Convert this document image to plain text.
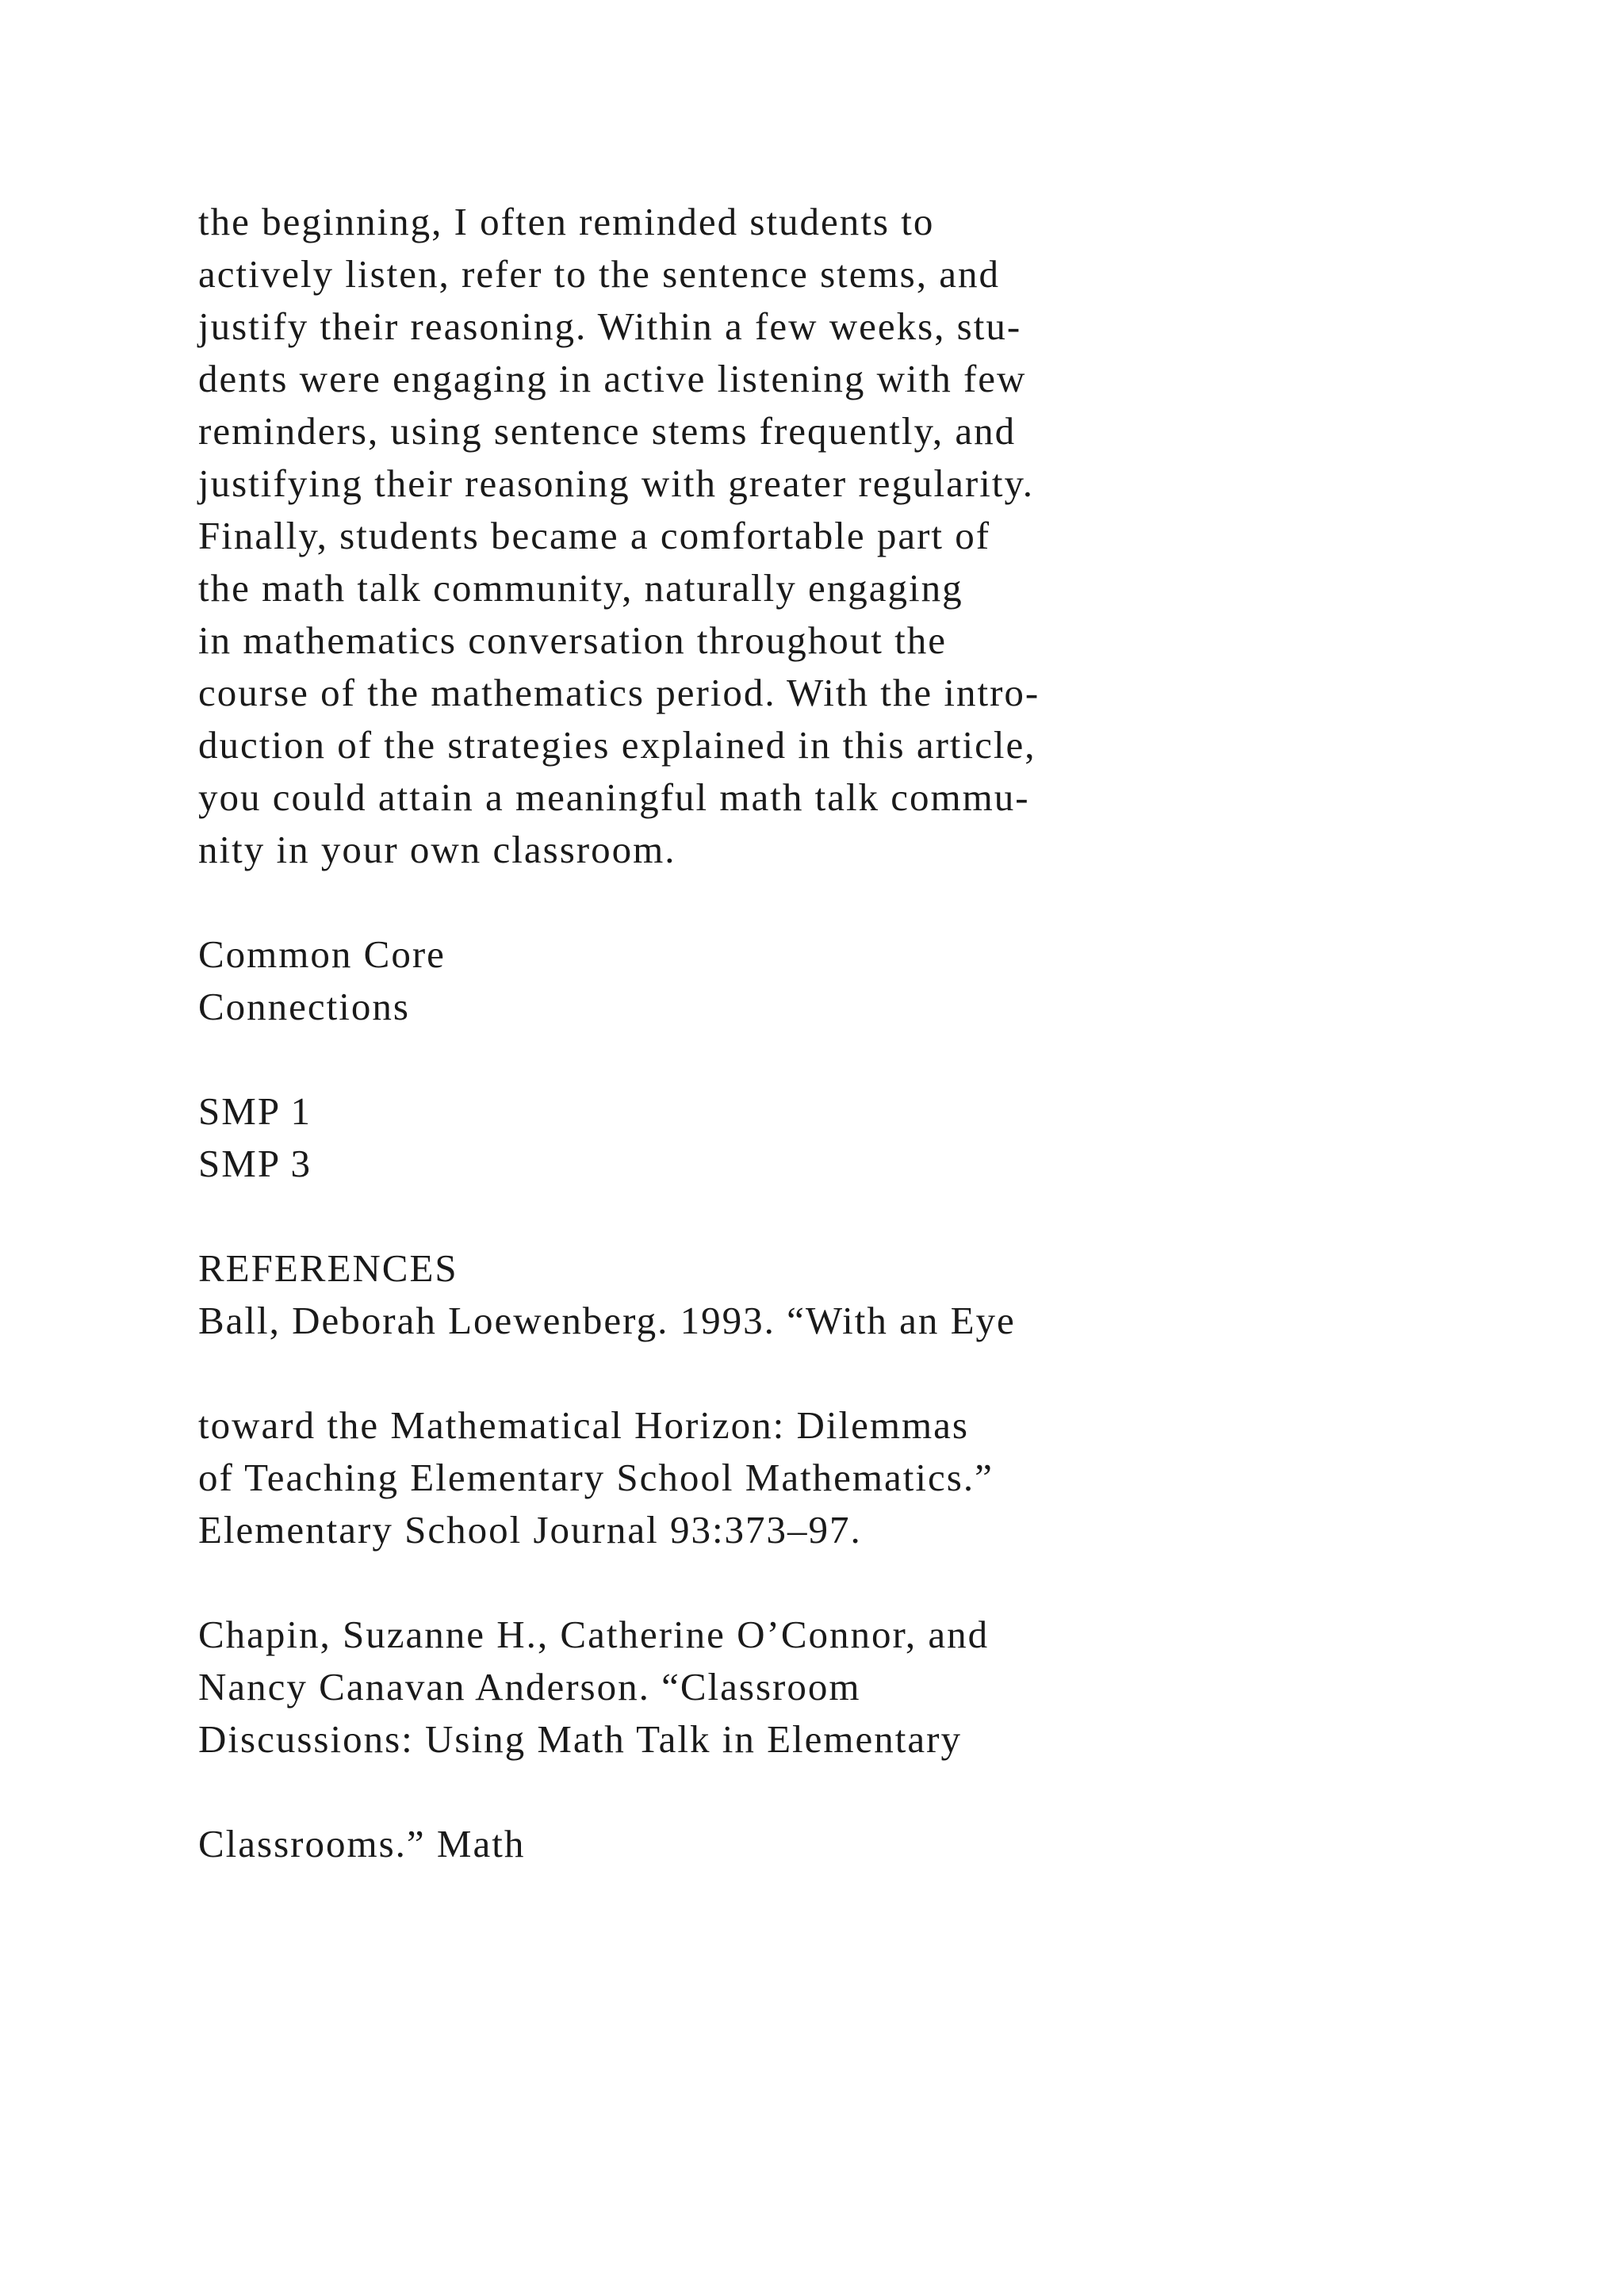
the beginning, I often reminded students to
actively listen, refer to the sentence stems, and
justify their reasoning. Within a few weeks, stu-
dents were engaging in active listening with few
reminders, using sentence stems frequently, and
justifying their reasoning with greater regularity.
Finally, students became a comfortable part of
the math talk community, naturally engaging
in mathematics conversation throughout the
course of the mathematics period. With the intro-
duction of the strategies explained in this article,
you could attain a meaningful math talk commu-
nity in your own classroom.
Common Core
Connections
SMP 1
SMP 3
REFERENCES
Ball, Deborah Loewenberg. 1993. “With an Eye
toward the Mathematical Horizon: Dilemmas
of Teaching Elementary School Mathematics.”
Elementary School Journal 93:373–97.
Chapin, Suzanne H., Catherine O’Connor, and
Nancy Canavan Anderson. “Classroom
Discussions: Using Math Talk in Elementary
Classrooms.” Math
